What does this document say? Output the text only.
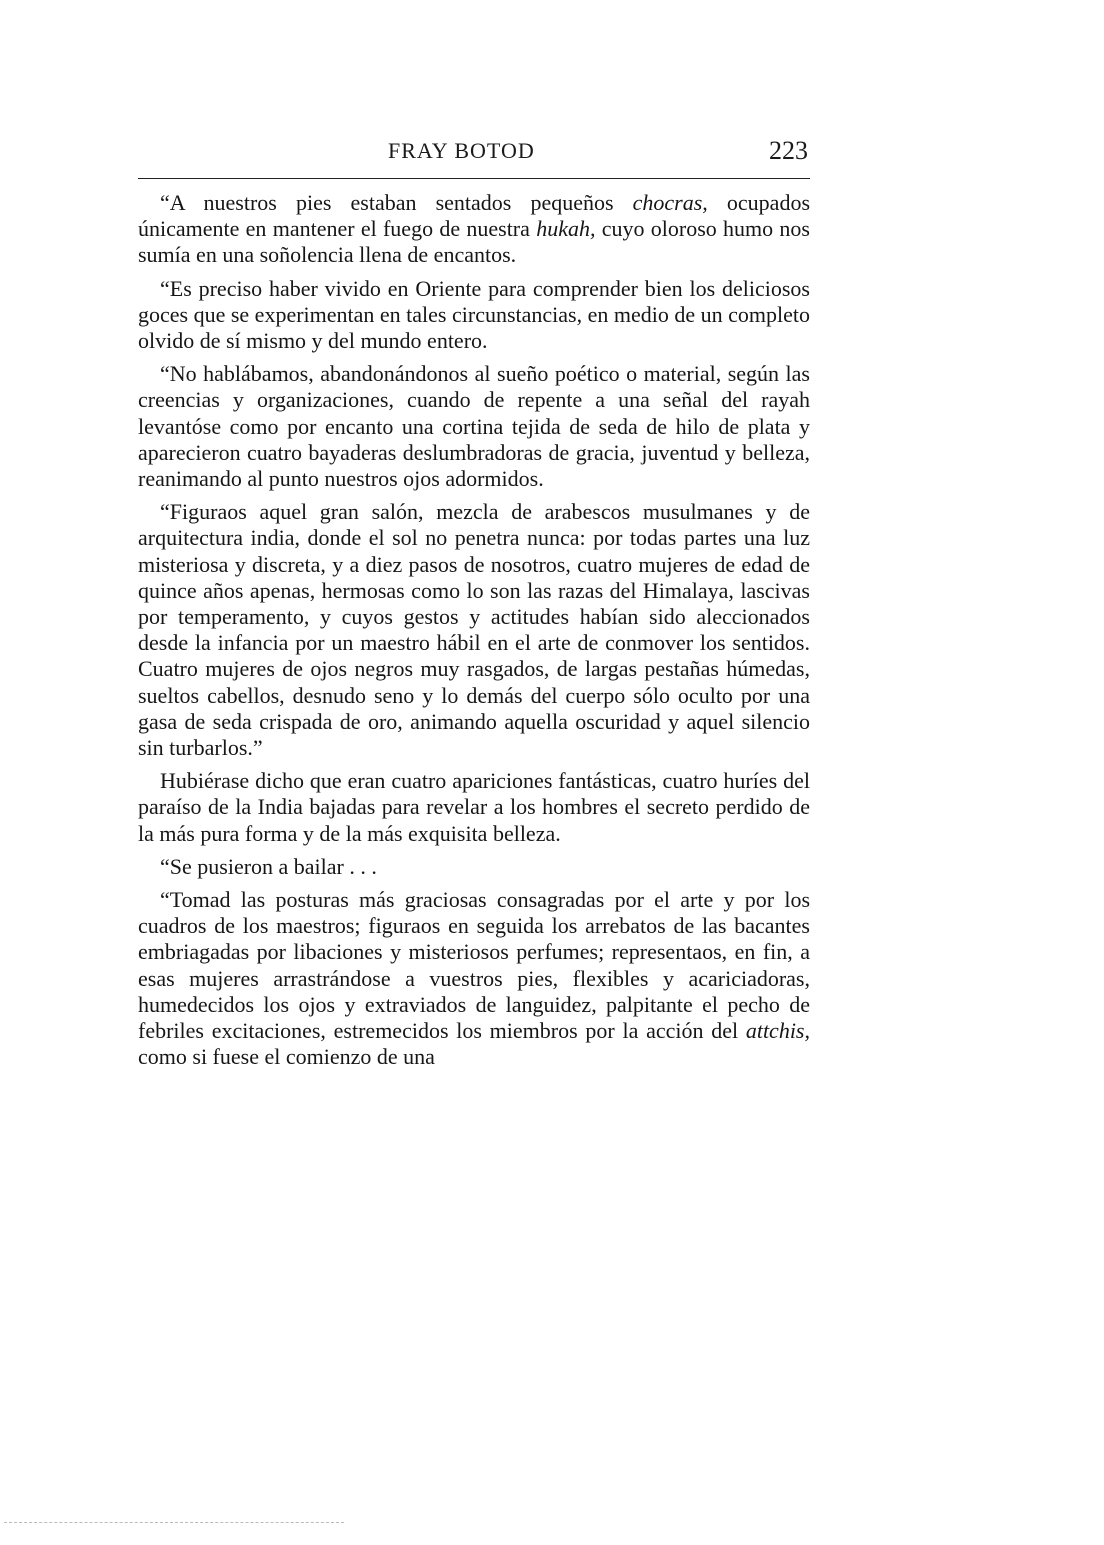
FRAY BOTOD	223

“A nuestros pies estaban sentados pequeños chocras, ocupados únicamente en mantener el fuego de nuestra hukah, cuyo oloroso humo nos sumía en una soñolencia llena de encantos.

“Es preciso haber vivido en Oriente para comprender bien los deliciosos goces que se experimentan en tales circunstancias, en medio de un completo olvido de sí mismo y del mundo entero.

“No hablábamos, abandonándonos al sueño poético o material, según las creencias y organizaciones, cuando de repente a una señal del rayah levantóse como por encanto una cortina tejida de seda de hilo de plata y aparecieron cuatro bayaderas deslumbradoras de gracia, juventud y belleza, reanimando al punto nuestros ojos adormidos.

“Figuraos aquel gran salón, mezcla de arabescos musulmanes y de arquitectura india, donde el sol no penetra nunca: por todas partes una luz misteriosa y discreta, y a diez pasos de nosotros, cuatro mujeres de edad de quince años apenas, hermosas como lo son las razas del Himalaya, lascivas por temperamento, y cuyos gestos y actitudes habían sido aleccionados desde la infancia por un maestro hábil en el arte de conmover los sentidos. Cuatro mujeres de ojos negros muy rasgados, de largas pestañas húmedas, sueltos cabellos, desnudo seno y lo demás del cuerpo sólo oculto por una gasa de seda crispada de oro, animando aquella oscuridad y aquel silencio sin turbarlos.”

Hubiérase dicho que eran cuatro apariciones fantásticas, cuatro huríes del paraíso de la India bajadas para revelar a los hombres el secreto perdido de la más pura forma y de la más exquisita belleza.

“Se pusieron a bailar . . .

“Tomad las posturas más graciosas consagradas por el arte y por los cuadros de los maestros; figuraos en seguida los arrebatos de las bacantes embriagadas por libaciones y misteriosos perfumes; representaos, en fin, a esas mujeres arrastrándose a vuestros pies, flexibles y acariciadoras, humedecidos los ojos y extraviados de languidez, palpitante el pecho de febriles excitaciones, estremecidos los miembros por la acción del attchis, como si fuese el comienzo de una
